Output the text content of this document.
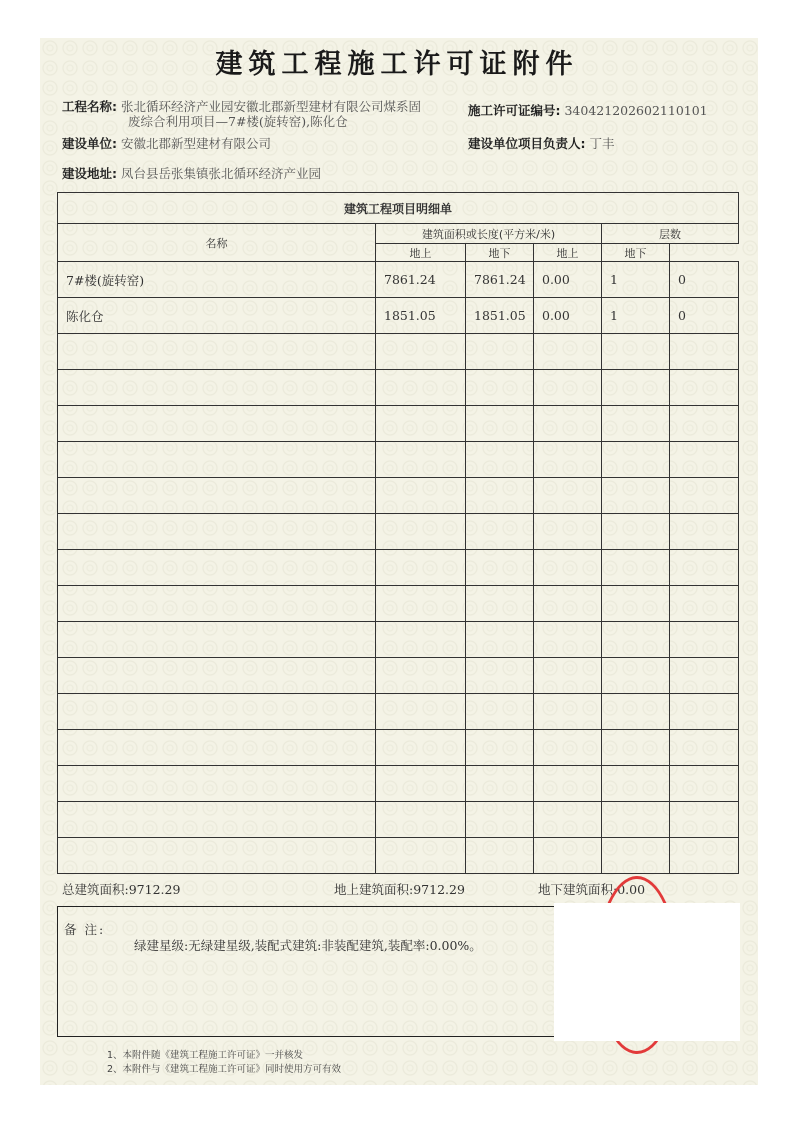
建筑工程施工许可证附件
工程名称: 张北循环经济产业园安徽北郡新型建材有限公司煤系固
废综合利用项目—7#楼(旋转窑),陈化仓
施工许可证编号: 340421202602110101
建设单位: 安徽北郡新型建材有限公司	建设单位项目负责人: 丁丰
建设地址: 凤台县岳张集镇张北循环经济产业园
建筑工程项目明细单					
名称	建筑面积或长度(平方米/米)			层数	
	地上	地下	地上	地下	
7#楼(旋转窑)	7861.24	7861.24	0.00	1	0
陈化仓	1851.05	1851.05	0.00	1	0

总建筑面积:9712.29	地上建筑面积:9712.29	地下建筑面积:0.00
备 注:
绿建星级:无绿建星级,装配式建筑:非装配建筑,装配率:0.00%。
1、本附件随《建筑工程施工许可证》一并核发
2、本附件与《建筑工程施工许可证》同时使用方可有效
